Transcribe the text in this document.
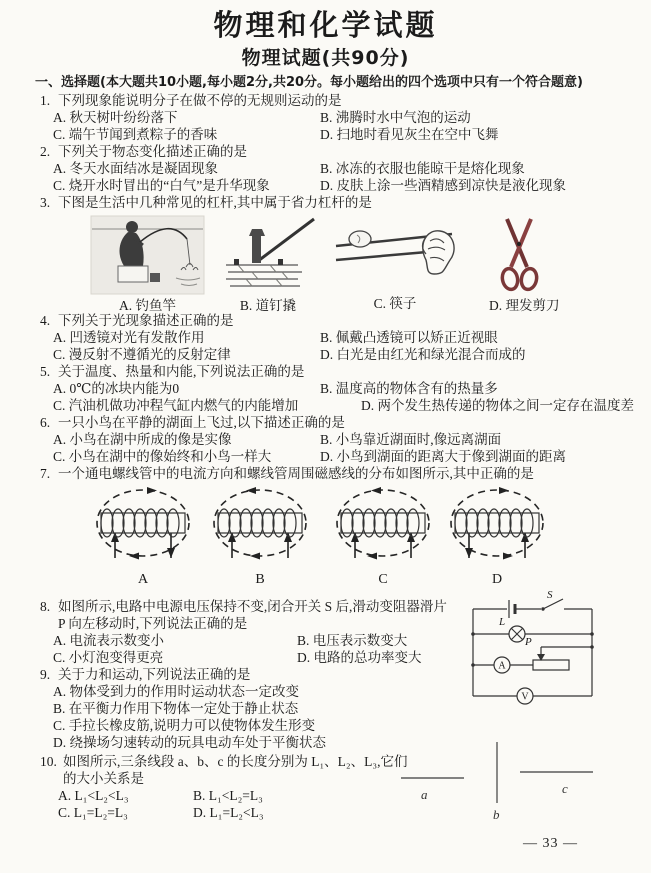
物理和化学试题
物理试题(共90分)
一、选择题(本大题共10小题,每小题2分,共20分。每小题给出的四个选项中只有一个符合题意)
1. 下列现象能说明分子在做不停的无规则运动的是
A. 秋天树叶纷纷落下	B. 沸腾时水中气泡的运动
C. 端午节闻到煮粽子的香味	D. 扫地时看见灰尘在空中飞舞
2. 下列关于物态变化描述正确的是
A. 冬天水面结冰是凝固现象	B. 冰冻的衣服也能晾干是熔化现象
C. 烧开水时冒出的“白气”是升华现象	D. 皮肤上涂一些酒精感到凉快是液化现象
3. 下图是生活中几种常见的杠杆,其中属于省力杠杆的是
A. 钓鱼竿	B. 道钉撬	C. 筷子	D. 理发剪刀
4. 下列关于光现象描述正确的是
A. 凹透镜对光有发散作用	B. 佩戴凸透镜可以矫正近视眼
C. 漫反射不遵循光的反射定律	D. 白光是由红光和绿光混合而成的
5. 关于温度、热量和内能,下列说法正确的是
A. 0℃的冰块内能为0	B. 温度高的物体含有的热量多
C. 汽油机做功冲程气缸内燃气的内能增加	D. 两个发生热传递的物体之间一定存在温度差
6. 一只小鸟在平静的湖面上飞过,以下描述正确的是
A. 小鸟在湖中所成的像是实像	B. 小鸟靠近湖面时,像远离湖面
C. 小鸟在湖中的像始终和小鸟一样大	D. 小鸟到湖面的距离大于像到湖面的距离
7. 一个通电螺线管中的电流方向和螺线管周围磁感线的分布如图所示,其中正确的是
A	B	C	D
8. 如图所示,电路中电源电压保持不变,闭合开关 S 后,滑动变阻器滑片 P 向左移动时,下列说法正确的是
A. 电流表示数变小	B. 电压表示数变大
C. 小灯泡变得更亮	D. 电路的总功率变大
9. 关于力和运动,下列说法正确的是
A. 物体受到力的作用时运动状态一定改变
B. 在平衡力作用下物体一定处于静止状态
C. 手拉长橡皮筋,说明力可以使物体发生形变
D. 绕操场匀速转动的玩具电动车处于平衡状态
10. 如图所示,三条线段 a、b、c 的长度分别为 L₁、L₂、L₃,它们的大小关系是
A. L₁<L₂<L₃	B. L₁<L₂=L₃
C. L₁=L₂=L₃	D. L₁=L₂<L₃
S
L
P
A
V
a
b
c
— 33 —
